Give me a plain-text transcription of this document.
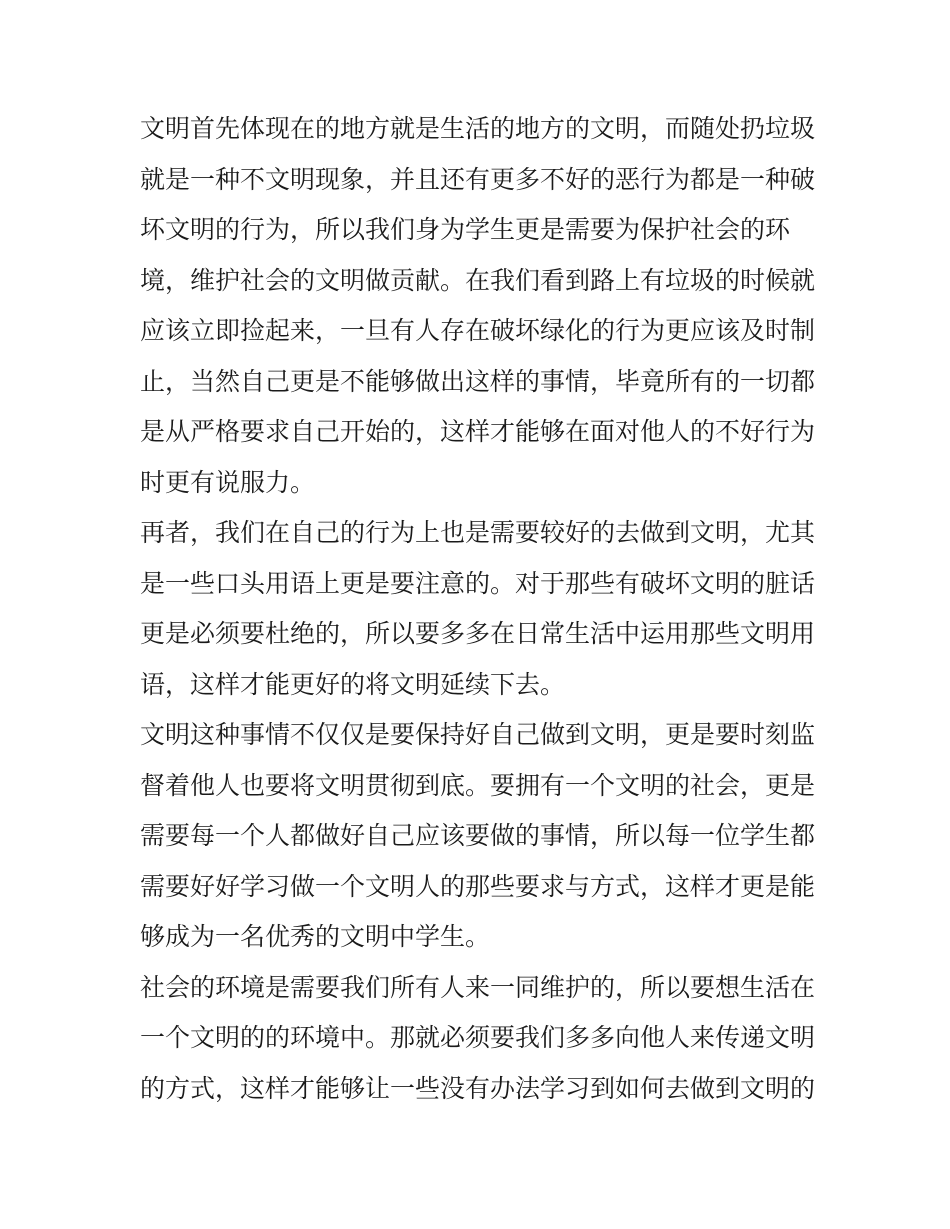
文明首先体现在的地方就是生活的地方的文明，而随处扔垃圾
就是一种不文明现象，并且还有更多不好的恶行为都是一种破
坏文明的行为，所以我们身为学生更是需要为保护社会的环
境，维护社会的文明做贡献。在我们看到路上有垃圾的时候就
应该立即捡起来，一旦有人存在破坏绿化的行为更应该及时制
止，当然自己更是不能够做出这样的事情，毕竟所有的一切都
是从严格要求自己开始的，这样才能够在面对他人的不好行为
时更有说服力。
再者，我们在自己的行为上也是需要较好的去做到文明，尤其
是一些口头用语上更是要注意的。对于那些有破坏文明的脏话
更是必须要杜绝的，所以要多多在日常生活中运用那些文明用
语，这样才能更好的将文明延续下去。
文明这种事情不仅仅是要保持好自己做到文明，更是要时刻监
督着他人也要将文明贯彻到底。要拥有一个文明的社会，更是
需要每一个人都做好自己应该要做的事情，所以每一位学生都
需要好好学习做一个文明人的那些要求与方式，这样才更是能
够成为一名优秀的文明中学生。
社会的环境是需要我们所有人来一同维护的，所以要想生活在
一个文明的的环境中。那就必须要我们多多向他人来传递文明
的方式，这样才能够让一些没有办法学习到如何去做到文明的
